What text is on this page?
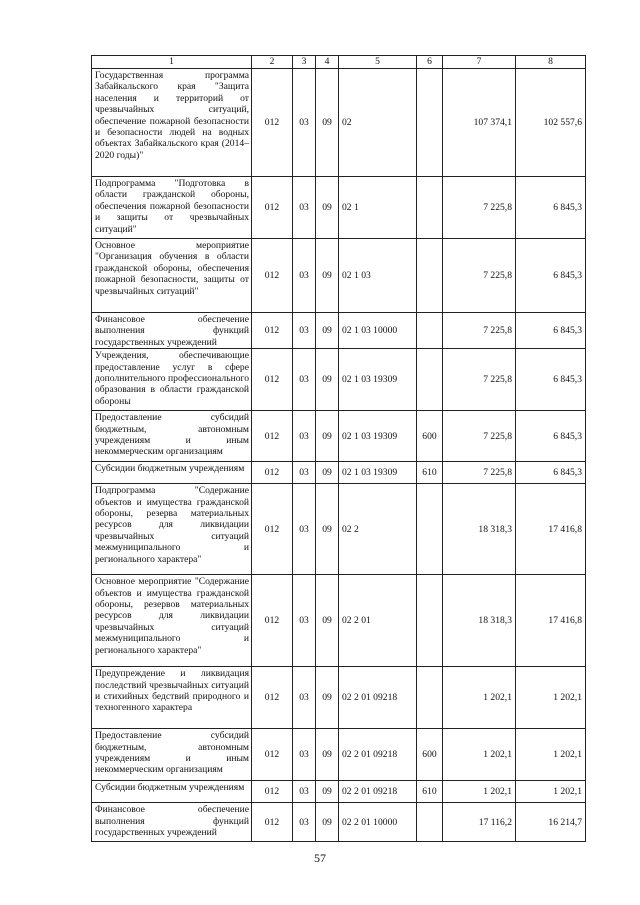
1	2	3	4	5	6	7	8
Государственная программа Забайкальского края "Защита населения и территорий от чрезвычайных ситуаций, обеспечение пожарной безопасности и безопасности людей на водных объектах Забайкальского края (2014–2020 годы)"	012	03	09	02		107 374,1	102 557,6
Подпрограмма "Подготовка в области гражданской обороны, обеспечения пожарной безопасности и защиты от чрезвычайных ситуаций"	012	03	09	02 1		7 225,8	6 845,3
Основное мероприятие "Организация обучения в области гражданской обороны, обеспечения пожарной безопасности, защиты от чрезвычайных ситуаций"	012	03	09	02 1 03		7 225,8	6 845,3
Финансовое обеспечение выполнения функций государственных учреждений	012	03	09	02 1 03 10000		7 225,8	6 845,3
Учреждения, обеспечивающие предоставление услуг в сфере дополнительного профессионального образования в области гражданской обороны	012	03	09	02 1 03 19309		7 225,8	6 845,3
Предоставление субсидий бюджетным, автономным учреждениям и иным некоммерческим организациям	012	03	09	02 1 03 19309	600	7 225,8	6 845,3
Субсидии бюджетным учреждениям	012	03	09	02 1 03 19309	610	7 225,8	6 845,3
Подпрограмма "Содержание объектов и имущества гражданской обороны, резерва материальных ресурсов для ликвидации чрезвычайных ситуаций межмуниципального и регионального характера"	012	03	09	02 2		18 318,3	17 416,8
Основное мероприятие "Содержание объектов и имущества гражданской обороны, резервов материальных ресурсов для ликвидации чрезвычайных ситуаций межмуниципального и регионального характера"	012	03	09	02 2 01		18 318,3	17 416,8
Предупреждение и ликвидация последствий чрезвычайных ситуаций и стихийных бедствий природного и техногенного характера	012	03	09	02 2 01 09218		1 202,1	1 202,1
Предоставление субсидий бюджетным, автономным учреждениям и иным некоммерческим организациям	012	03	09	02 2 01 09218	600	1 202,1	1 202,1
Субсидии бюджетным учреждениям	012	03	09	02 2 01 09218	610	1 202,1	1 202,1
Финансовое обеспечение выполнения функций государственных учреждений	012	03	09	02 2 01 10000		17 116,2	16 214,7
57
